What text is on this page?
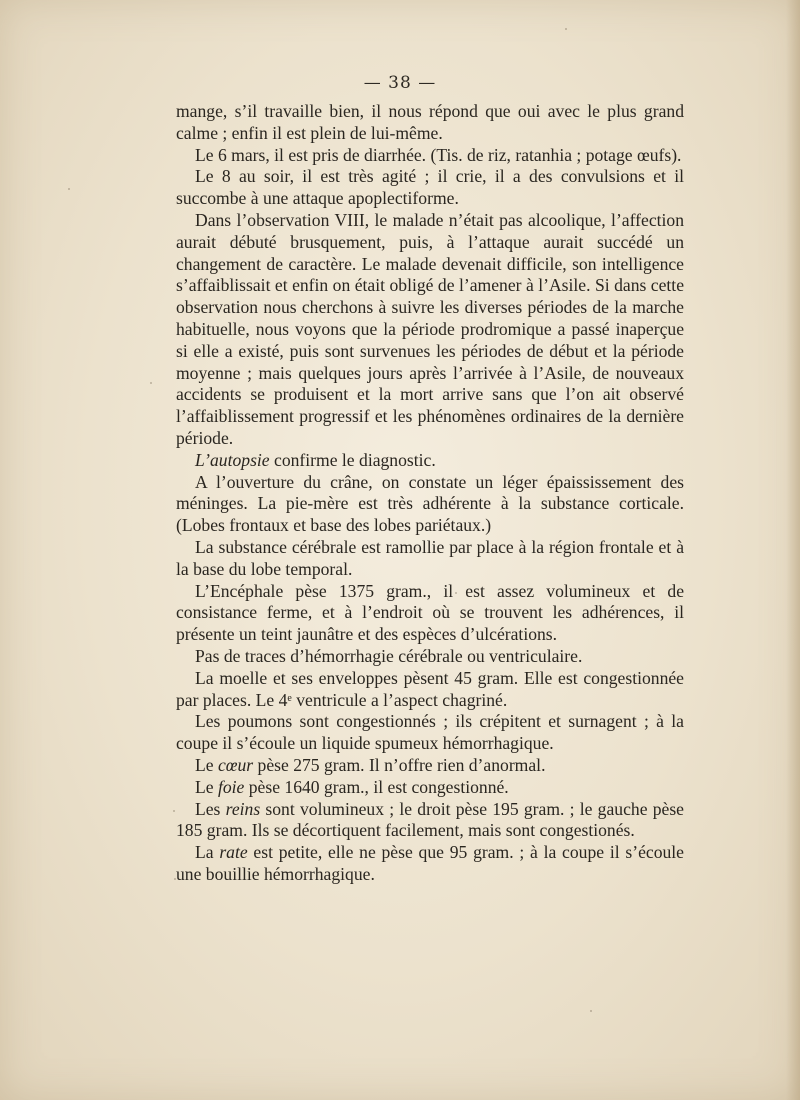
— 38 —

mange, s’il travaille bien, il nous répond que oui avec le plus grand calme ; enfin il est plein de lui-même.

Le 6 mars, il est pris de diarrhée. (Tis. de riz, ratanhia ; potage œufs).

Le 8 au soir, il est très agité ; il crie, il a des convulsions et il succombe à une attaque apoplectiforme.

Dans l’observation VIII, le malade n’était pas alcoolique, l’affection aurait débuté brusquement, puis, à l’attaque aurait succédé un changement de caractère. Le malade devenait difficile, son intelligence s’affaiblissait et enfin on était obligé de l’amener à l’Asile. Si dans cette observation nous cherchons à suivre les diverses périodes de la marche habituelle, nous voyons que la période prodromique a passé inaperçue si elle a existé, puis sont survenues les périodes de début et la période moyenne ; mais quelques jours après l’arrivée à l’Asile, de nouveaux accidents se produisent et la mort arrive sans que l’on ait observé l’affaiblissement progressif et les phénomènes ordinaires de la dernière période.

L’autopsie confirme le diagnostic.

A l’ouverture du crâne, on constate un léger épaississement des méninges. La pie-mère est très adhérente à la substance corticale. (Lobes frontaux et base des lobes pariétaux.)

La substance cérébrale est ramollie par place à la région frontale et à la base du lobe temporal.

L’Encéphale pèse 1375 gram., il est assez volumineux et de consistance ferme, et à l’endroit où se trouvent les adhérences, il présente un teint jaunâtre et des espèces d’ulcérations.

Pas de traces d’hémorrhagie cérébrale ou ventriculaire.

La moelle et ses enveloppes pèsent 45 gram. Elle est congestionnée par places. Le 4e ventricule a l’aspect chagriné.

Les poumons sont congestionnés ; ils crépitent et surnagent ; à la coupe il s’écoule un liquide spumeux hémorrhagique.

Le cœur pèse 275 gram. Il n’offre rien d’anormal.

Le foie pèse 1640 gram., il est congestionné.

Les reins sont volumineux ; le droit pèse 195 gram. ; le gauche pèse 185 gram. Ils se décortiquent facilement, mais sont congestionés.

La rate est petite, elle ne pèse que 95 gram. ; à la coupe il s’écoule une bouillie hémorrhagique.
